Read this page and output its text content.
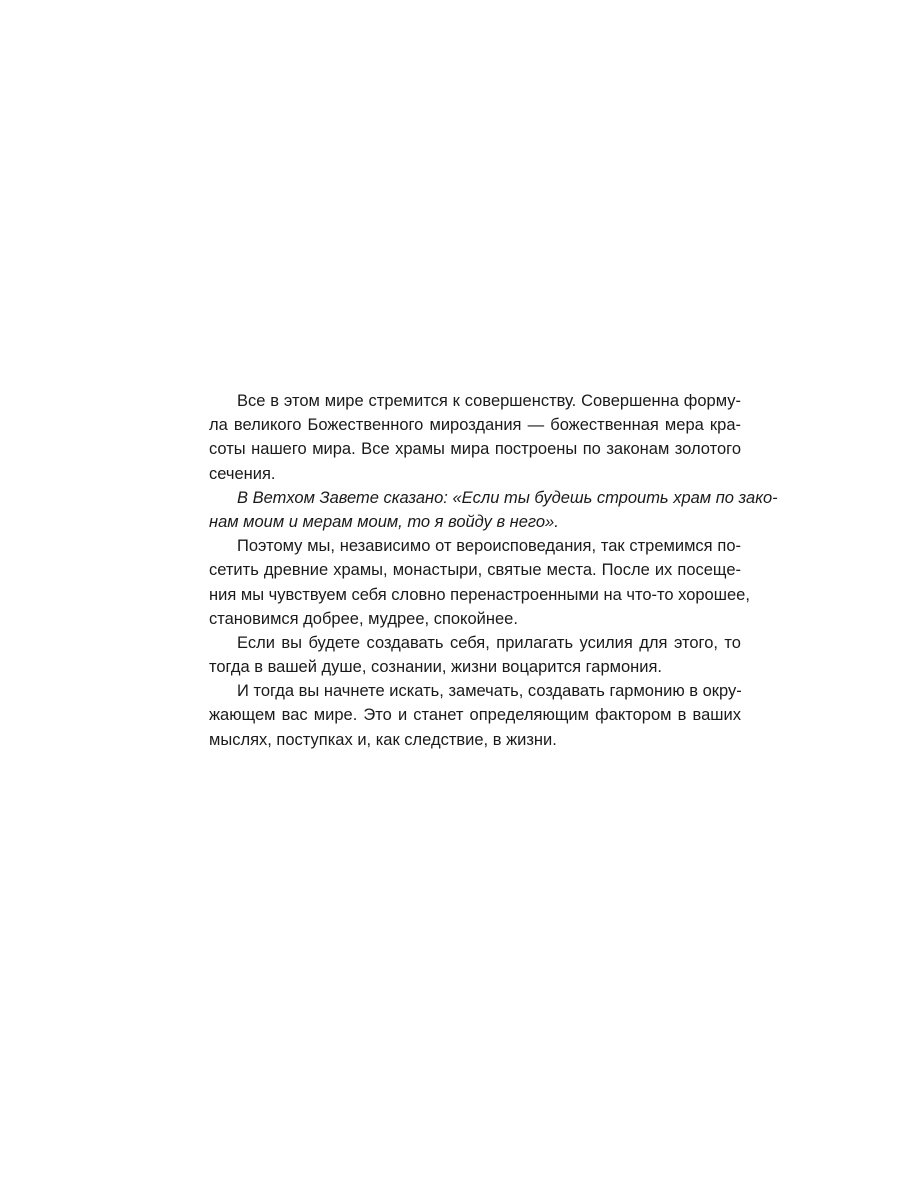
Все в этом мире стремится к совершенству. Совершенна форму-
ла великого Божественного мироздания — божественная мера кра-
соты нашего мира. Все храмы мира построены по законам золотого
сечения.
В Ветхом Завете сказано: «Если ты будешь строить храм по зако-
нам моим и мерам моим, то я войду в него».
Поэтому мы, независимо от вероисповедания, так стремимся по-
сетить древние храмы, монастыри, святые места. После их посеще-
ния мы чувствуем себя словно перенастроенными на что-то хорошее,
становимся добрее, мудрее, спокойнее.
Если вы будете создавать себя, прилагать усилия для этого, то
тогда в вашей душе, сознании, жизни воцарится гармония.
И тогда вы начнете искать, замечать, создавать гармонию в окру-
жающем вас мире. Это и станет определяющим фактором в ваших
мыслях, поступках и, как следствие, в жизни.
